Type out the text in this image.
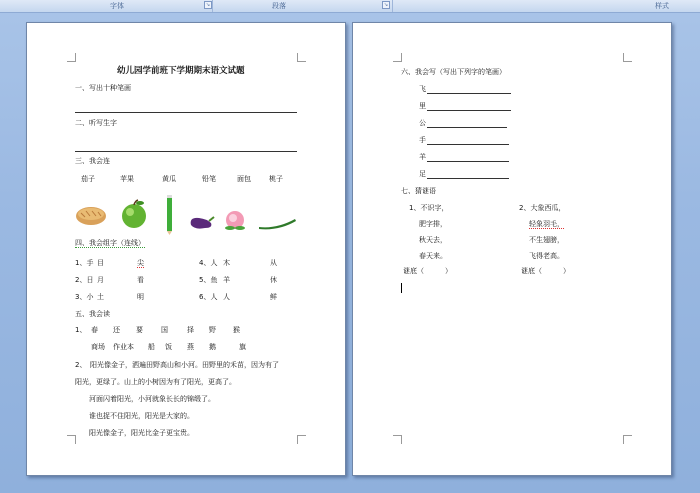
字体	↘	段落	↘	样式
幼儿园学前班下学期期末语文试题
一、写出十种笔画
二、听写生字
三、我会连
茄子	苹果	黄瓜	铅笔	面包	桃子
四、我会组字（连线）
1、手 目	尖	4、人 木	从
2、日 月	看	5、鱼 羊	休
3、小 土	明	6、人 人	鲜
五、我会读
1、 春 还 要	国	择 野 猴
商场 作业本 船 饭 燕 鹅	旗
2、　阳光像金子，洒遍田野高山和小河。田野里的禾苗，因为有了
阳光，更绿了。山上的小树因为有了阳光，更高了。
河面闪着阳光，小河就象长长的锦缎了。
谁也捉不住阳光，阳光是大家的。
阳光像金子，阳光比金子更宝贵。
六、我会写（写出下列字的笔画）
飞
里
公
手
羊
足
七、猜谜语
1、不识字，
肥字排，
秋天去，
春天来。
2、大象西瓜，
轻象羽毛，
不生翅膀，
飞得老高。
谜底（　　　）	谜底（　　　）
